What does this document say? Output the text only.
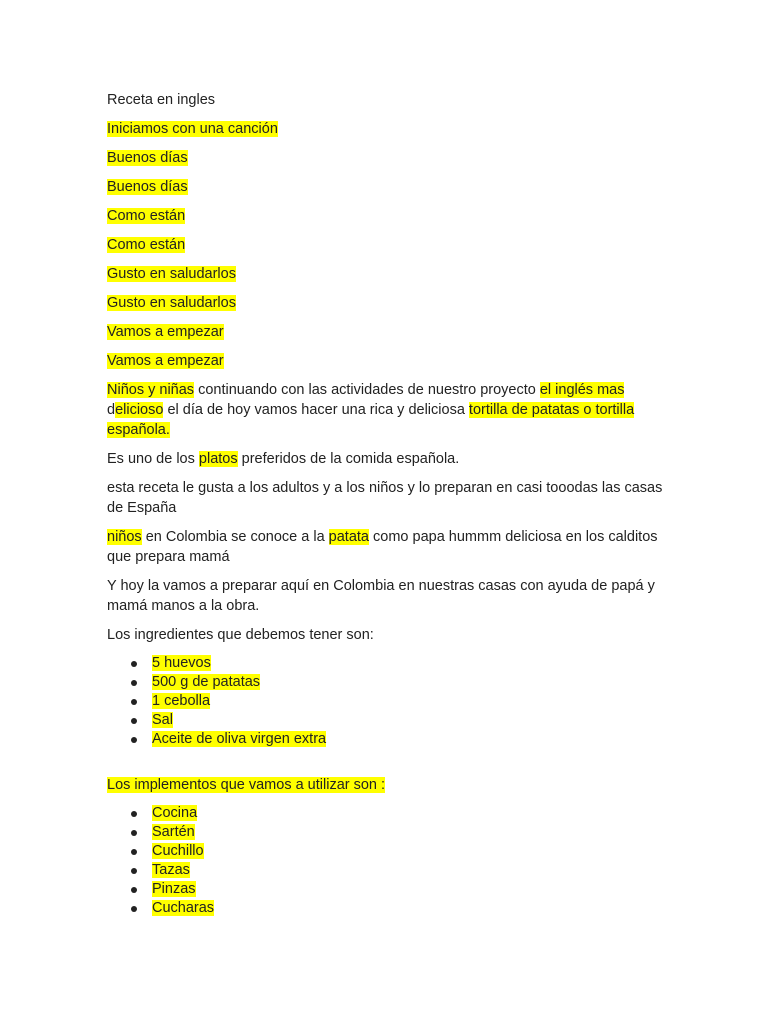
Receta en ingles

Iniciamos con una canción

Buenos días

Buenos días

Como están

Como están

Gusto en saludarlos

Gusto en saludarlos

Vamos a empezar

Vamos a empezar

Niños y niñas continuando con las actividades de nuestro proyecto el inglés mas delicioso el día de hoy vamos hacer una rica y deliciosa tortilla de patatas o tortilla española.

Es uno de los platos preferidos de la comida española.

esta receta le gusta a los adultos y a los niños y lo preparan en casi tooodas las casas de España

niños en Colombia se conoce a la patata como papa hummm deliciosa en los calditos que prepara mamá

Y hoy la vamos a preparar aquí en Colombia en nuestras casas con ayuda de papá y mamá manos a la obra.

Los ingredientes que debemos tener son:

5 huevos
500 g de patatas
1 cebolla
Sal
Aceite de oliva virgen extra

Los implementos que vamos a utilizar son :

Cocina
Sartén
Cuchillo
Tazas
Pinzas
Cucharas
